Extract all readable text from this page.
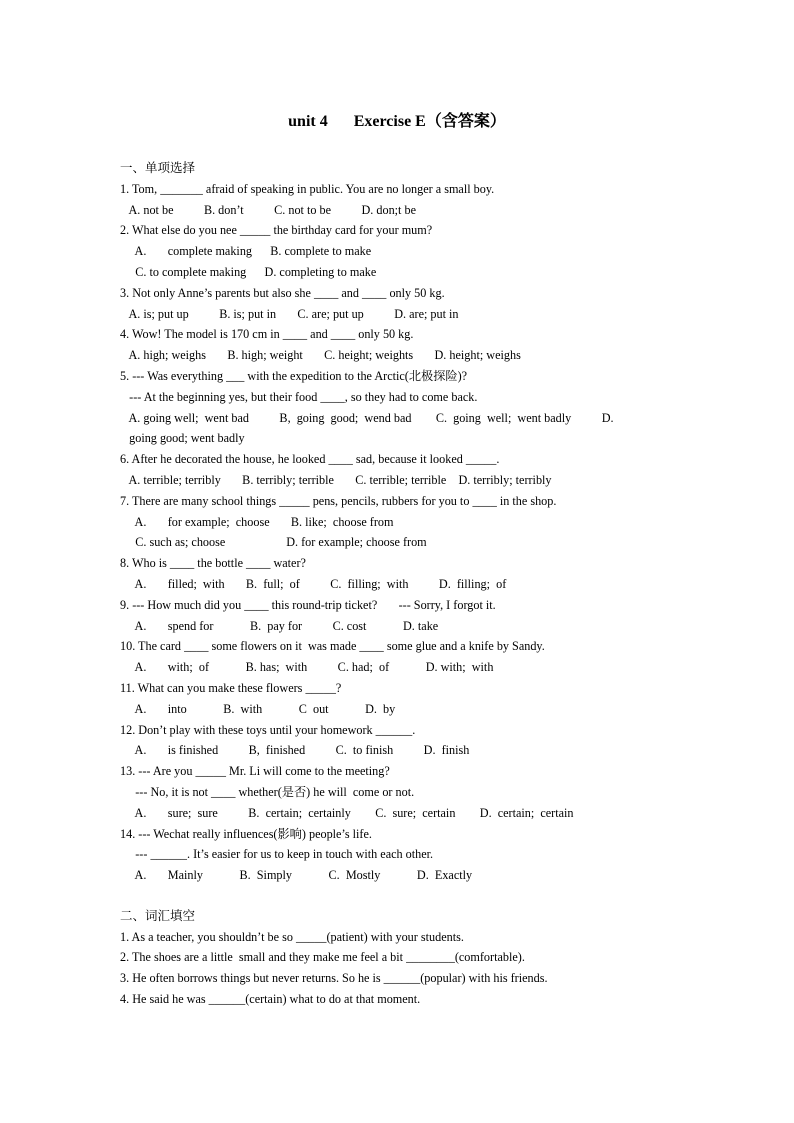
unit 4 Exercise E（含答案）
一、单项选择
1. Tom, _______ afraid of speaking in public. You are no longer a small boy.
A. not be          B. don’t          C. not to be          D. don;t be
2. What else do you nee _____ the birthday card for your mum?
A.       complete making      B. complete to make
C. to complete making      D. completing to make
3. Not only Anne’s parents but also she ____ and ____ only 50 kg.
A. is; put up          B. is; put in       C. are; put up          D. are; put in
4. Wow! The model is 170 cm in ____ and ____ only 50 kg.
A. high; weighs       B. high; weight       C. height; weights       D. height; weighs
5. --- Was everything ___ with the expedition to the Arctic(北极探险)?
--- At the beginning yes, but their food ____, so they had to come back.
A. going well;  went bad          B,  going  good;  wend bad        C.  going  well;  went badly          D.
going good; went badly
6. After he decorated the house, he looked ____ sad, because it looked _____.
A. terrible; terribly       B. terribly; terrible       C. terrible; terrible    D. terribly; terribly
7. There are many school things _____ pens, pencils, rubbers for you to ____ in the shop.
A.       for example;  choose       B. like;  choose from
C. such as; choose                    D. for example; choose from
8. Who is ____ the bottle ____ water?
A.       filled;  with       B.  full;  of          C.  filling;  with          D.  filling;  of
9. --- How much did you ____ this round-trip ticket?       --- Sorry, I forgot it.
A.       spend for            B.  pay for          C. cost            D. take
10. The card ____ some flowers on it  was made ____ some glue and a knife by Sandy.
A.       with;  of            B. has;  with          C. had;  of            D. with;  with
11. What can you make these flowers _____?
A.       into            B.  with            C  out            D.  by
12. Don’t play with these toys until your homework ______.
A.       is finished          B,  finished          C.  to finish          D.  finish
13. --- Are you _____ Mr. Li will come to the meeting?
--- No, it is not ____ whether(是否) he will  come or not.
A.       sure;  sure          B.  certain;  certainly        C.  sure;  certain        D.  certain;  certain
14. --- Wechat really influences(影响) people’s life.
--- ______. It’s easier for us to keep in touch with each other.
A.       Mainly            B.  Simply            C.  Mostly            D.  Exactly
二、词汇填空
1. As a teacher, you shouldn’t be so _____(patient) with your students.
2. The shoes are a little  small and they make me feel a bit ________(comfortable).
3. He often borrows things but never returns. So he is ______(popular) with his friends.
4. He said he was ______(certain) what to do at that moment.
